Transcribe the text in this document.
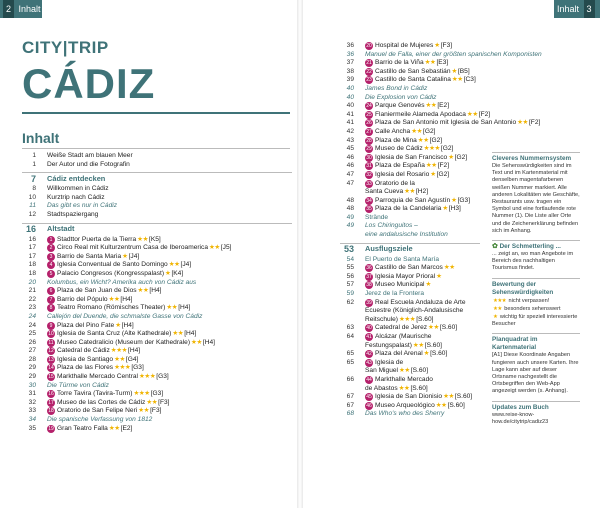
2 Inhalt	Inhalt 3
CITY|TRIP
CÁDIZ
Inhalt
1 Weiße Stadt am blauen Meer
1 Der Autor und die Fotografin
7 Cádiz entdecken
8 Willkommen in Cádiz
10 Kurztrip nach Cádiz
11 Das gibt es nur in Cádiz
12 Stadtspaziergang
16 Altstadt
16	1 Stadttor Puerta de la Tierra★★[K5]
17	2 Circo Real mit Kulturzentrum Casa de Iberoamerica★★[J5]
17	3 Barrio de Santa Maria★[J4]
18	4 Iglesia Conventual de Santo Domingo★★[J4]
18	5 Palacio Congresos (Kongresspalast)★[K4]
20 Kolumbus, ein Wicht? Amerika auch von Cádiz aus
21	6 Plaza de San Juan de Dios★★[H4]
22	7 Barrio del Pópulo★★[H4]
23	8 Teatro Romano (Römisches Theater)★★[H4]
24 Callejón del Duende, die schmalste Gasse von Cádiz
24	9 Plaza del Pino Fate★[H4]
25 10 Iglesia de Santa Cruz (Alte Kathedrale)★★[H4]
26 11 Museo Catedralicio (Museum der Kathedrale)★★[H4]
27 12 Catedral de Cádiz★★★[H4]
28 13 Iglesia de Santiago★★[G4]
29 14 Plaza de las Flores★★★[G3]
29 15 Markthalle Mercado Central★★★[G3]
30 Die Türme von Cádiz
31 16 Torre Tavira (Tavira-Turm)★★★[G3]
32 17 Museo de las Cortes de Cádiz★★[F3]
33 18 Oratorio de San Felipe Neri★★[F3]
34 Die spanische Verfassung von 1812
35 19 Gran Teatro Falla★★[E2]
36 20 Hospital de Mujeres★[F3]
36 Manuel de Falla, einer der größten spanischen Komponisten
37 21 Barrio de la Viña★★[E3]
38 22 Castillo de San Sebastián★[B5]
39 23 Castillo de Santa Catalina★★[C3]
40 James Bond in Cádiz
40 Die Explosion von Cádiz
40 24 Parque Genovés★★[E2]
41 25 Flaniermeile Alameda Apodaca★★[F2]
41 26 Plaza de San Antonio mit Iglesia de San Antonio★★[F2]
42 27 Calle Ancha★★[G2]
43 28 Plaza de Mina★★[G2]
45 29 Museo de Cádiz★★★[G2]
46 30 Iglesia de San Francisco★[G2]
46 31 Plaza de España★★[F2]
47 32 Iglesia del Rosario★[G2]
47 33 Oratorio de la
Santa Cueva★★[H2]
48 34 Parroquia de San Agustín★[G3]
48 35 Plaza de la Candelaria★[H3]
49 Strände
49 Los Chiringuitos –
eine andalusische Institution
53 Ausflugsziele
54 El Puerto de Santa María
55 36 Castillo de San Marcos★★
56 37 Iglesia Mayor Prioral★
57 38 Museo Municipal★
59 Jerez de la Frontera
62 39 Real Escuela Andaluza de Arte
Ecuestre (Königlich-Andalusische
Reitschule)★★★[S.60]
63 40 Catedral de Jerez★★[S.60]
64 41 Alcázar (Maurische
Festungspalast)★★[S.60]
65 42 Plaza del Arenal★[S.60]
65 43 Iglesia de
San Miguel★★[S.60]
66 44 Markthalle Mercado
de Abastos★★[S.60]
67 45 Iglesia de San Dionisio★★[S.60]
67 46 Museo Arqueológico★★[S.60]
68 Das Who's who des Sherry
Cleveres Nummernsystem
Die Sehenswürdigkeiten sind im Text und im Kartenmaterial mit denselben magentafarbenen weißen Nummer markiert. Alle anderen Lokalitäten wie Geschäfte, Restaurants usw. tragen ein Symbol und eine fortlaufende rote Nummer (1). Die Liste aller Orte und die Zeichenerklärung befinden sich im Anhang.
✿ Der Schmetterling ...
... zeigt an, wo man Angebote im Bereich des nachhaltigen Tourismus findet.
Bewertung der Sehenswürdigkeiten
★★★ nicht verpassen!
★★ besonders sehenswert
★ wichtig für speziell interessierte Besucher
Planquadrat im Kartenmaterial
[A1] Diese Koordinate Angaben fungieren auch unsere Karten. Ihre Lage kann aber auf dieser Ortsname nachgestellt die Ortsbegriffen den Web-App angezeigt werden (s. Anhang).
Updates zum Buch
www.reise-know-how.de/citytrip/cadiz23
